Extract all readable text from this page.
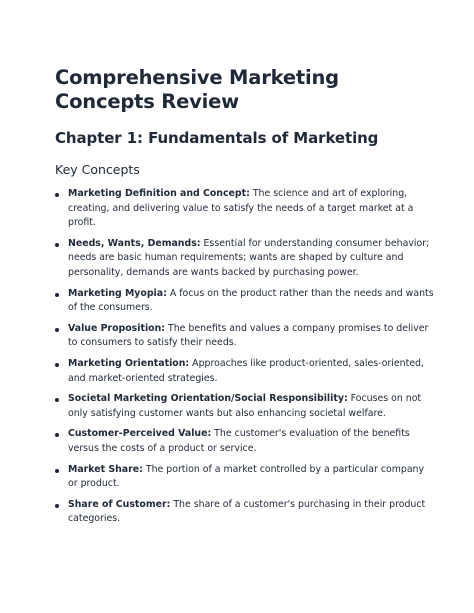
Comprehensive Marketing Concepts Review
Chapter 1: Fundamentals of Marketing
Key Concepts
Marketing Definition and Concept: The science and art of exploring, creating, and delivering value to satisfy the needs of a target market at a profit.
Needs, Wants, Demands: Essential for understanding consumer behavior; needs are basic human requirements; wants are shaped by culture and personality, demands are wants backed by purchasing power.
Marketing Myopia: A focus on the product rather than the needs and wants of the consumers.
Value Proposition: The benefits and values a company promises to deliver to consumers to satisfy their needs.
Marketing Orientation: Approaches like product-oriented, sales-oriented, and market-oriented strategies.
Societal Marketing Orientation/Social Responsibility: Focuses on not only satisfying customer wants but also enhancing societal welfare.
Customer-Perceived Value: The customer's evaluation of the benefits versus the costs of a product or service.
Market Share: The portion of a market controlled by a particular company or product.
Share of Customer: The share of a customer's purchasing in their product categories.
